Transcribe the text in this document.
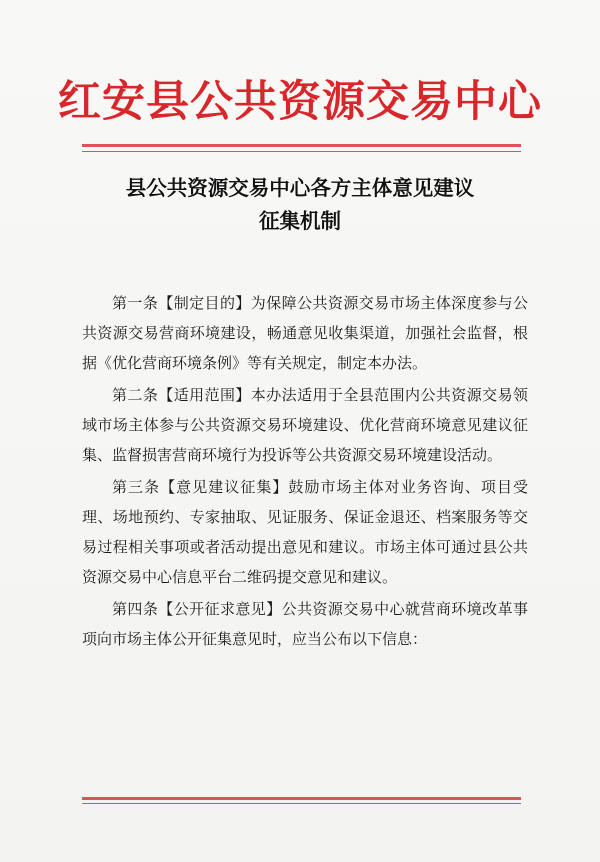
红安县公共资源交易中心
县公共资源交易中心各方主体意见建议
征集机制

第一条【制定目的】为保障公共资源交易市场主体深度参与公共资源交易营商环境建设，畅通意见收集渠道，加强社会监督，根据《优化营商环境条例》等有关规定，制定本办法。

第二条【适用范围】本办法适用于全县范围内公共资源交易领域市场主体参与公共资源交易环境建设、优化营商环境意见建议征集、监督损害营商环境行为投诉等公共资源交易环境建设活动。

第三条【意见建议征集】鼓励市场主体对业务咨询、项目受理、场地预约、专家抽取、见证服务、保证金退还、档案服务等交易过程相关事项或者活动提出意见和建议。市场主体可通过县公共资源交易中心信息平台二维码提交意见和建议。

第四条【公开征求意见】公共资源交易中心就营商环境改革事项向市场主体公开征集意见时，应当公布以下信息：
